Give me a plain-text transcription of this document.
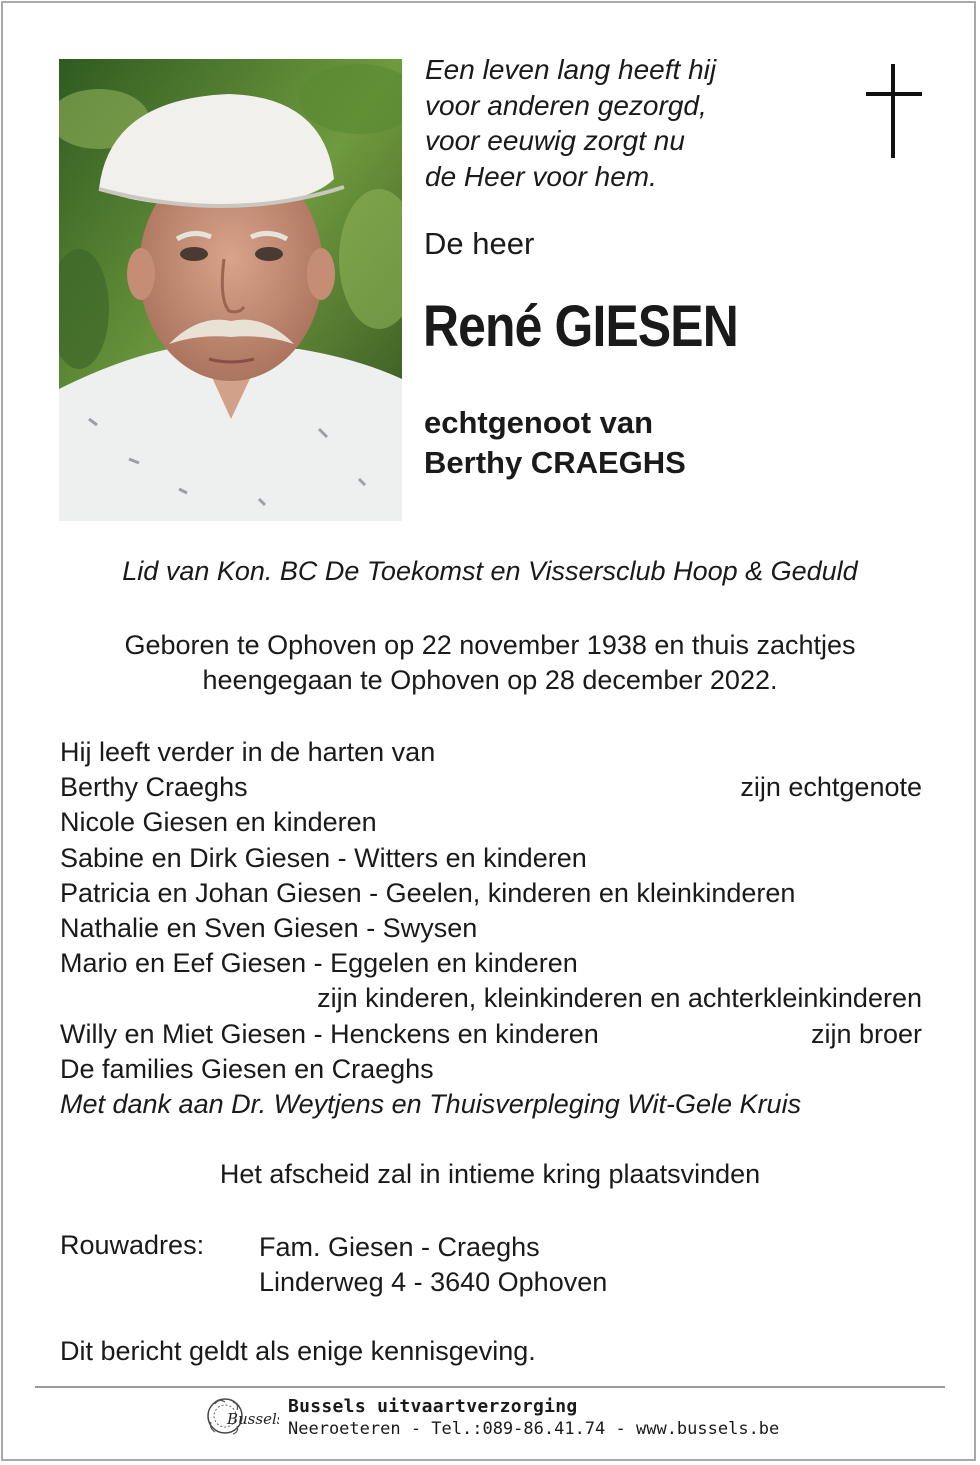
Een leven lang heeft hij
voor anderen gezorgd,
voor eeuwig zorgt nu
de Heer voor hem.
De heer
René GIESEN
echtgenoot van
Berthy CRAEGHS
Lid van Kon. BC De Toekomst en Vissersclub Hoop & Geduld
Geboren te Ophoven op 22 november 1938 en thuis zachtjes
heengegaan te Ophoven op 28 december 2022.
Hij leeft verder in de harten van
Berthy Craeghs	zijn echtgenote
Nicole Giesen en kinderen
Sabine en Dirk Giesen - Witters en kinderen
Patricia en Johan Giesen - Geelen, kinderen en kleinkinderen
Nathalie en Sven Giesen - Swysen
Mario en Eef Giesen - Eggelen en kinderen
zijn kinderen, kleinkinderen en achterkleinkinderen
Willy en Miet Giesen - Henckens en kinderen	zijn broer
De families Giesen en Craeghs
Met dank aan Dr. Weytjens en Thuisverpleging Wit-Gele Kruis
Het afscheid zal in intieme kring plaatsvinden
Rouwadres: Fam. Giesen - Craeghs
Linderweg 4 - 3640 Ophoven
Dit bericht geldt als enige kennisgeving.
Bussels
Bussels uitvaartverzorging
Neeroeteren - Tel.:089-86.41.74 - www.bussels.be
